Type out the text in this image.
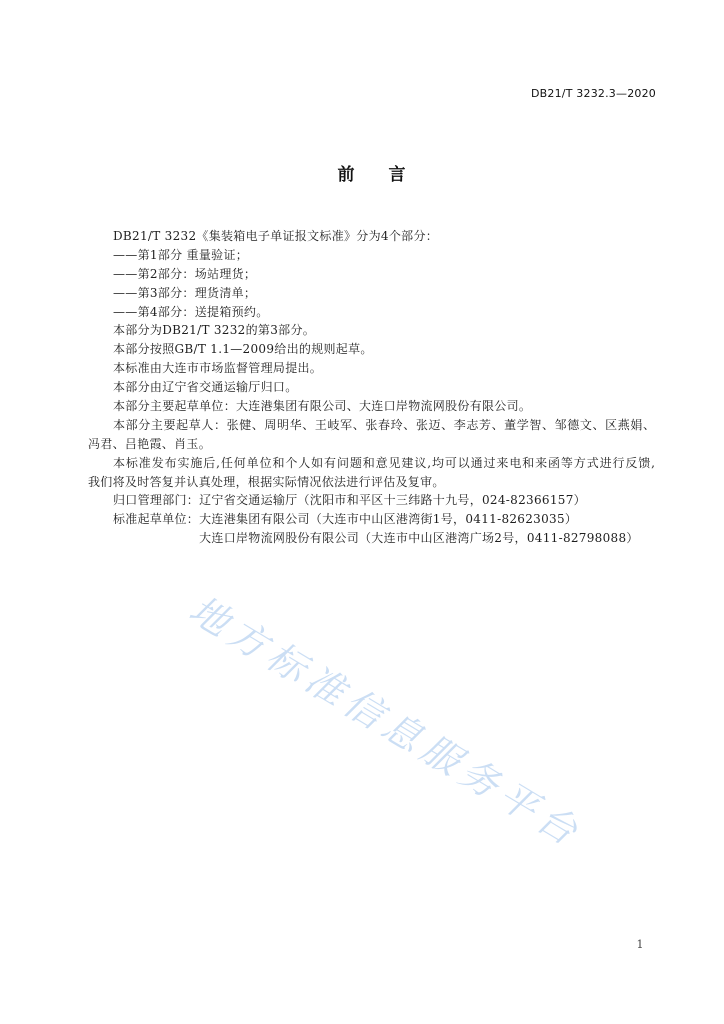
DB21/T 3232.3—2020
前　　言
DB21/T 3232《集装箱电子单证报文标准》分为4个部分：
——第1部分 重量验证；
——第2部分：场站理货；
——第3部分：理货清单；
——第4部分：送提箱预约。
本部分为DB21/T 3232的第3部分。
本部分按照GB/T 1.1—2009给出的规则起草。
本标准由大连市市场监督管理局提出。
本部分由辽宁省交通运输厅归口。
本部分主要起草单位：大连港集团有限公司、大连口岸物流网股份有限公司。
本部分主要起草人：张健、周明华、王岐军、张春玲、张迈、李志芳、董学智、邹德文、区燕娟、
冯君、吕艳霞、肖玉。
本标准发布实施后,任何单位和个人如有问题和意见建议,均可以通过来电和来函等方式进行反馈,
我们将及时答复并认真处理，根据实际情况依法进行评估及复审。
归口管理部门：辽宁省交通运输厅（沈阳市和平区十三纬路十九号，024-82366157）
标准起草单位： 大连港集团有限公司（大连市中山区港湾街1号，0411-82623035）
大连口岸物流网股份有限公司（大连市中山区港湾广场2号，0411-82798088）
地方标准信息服务平台
1
